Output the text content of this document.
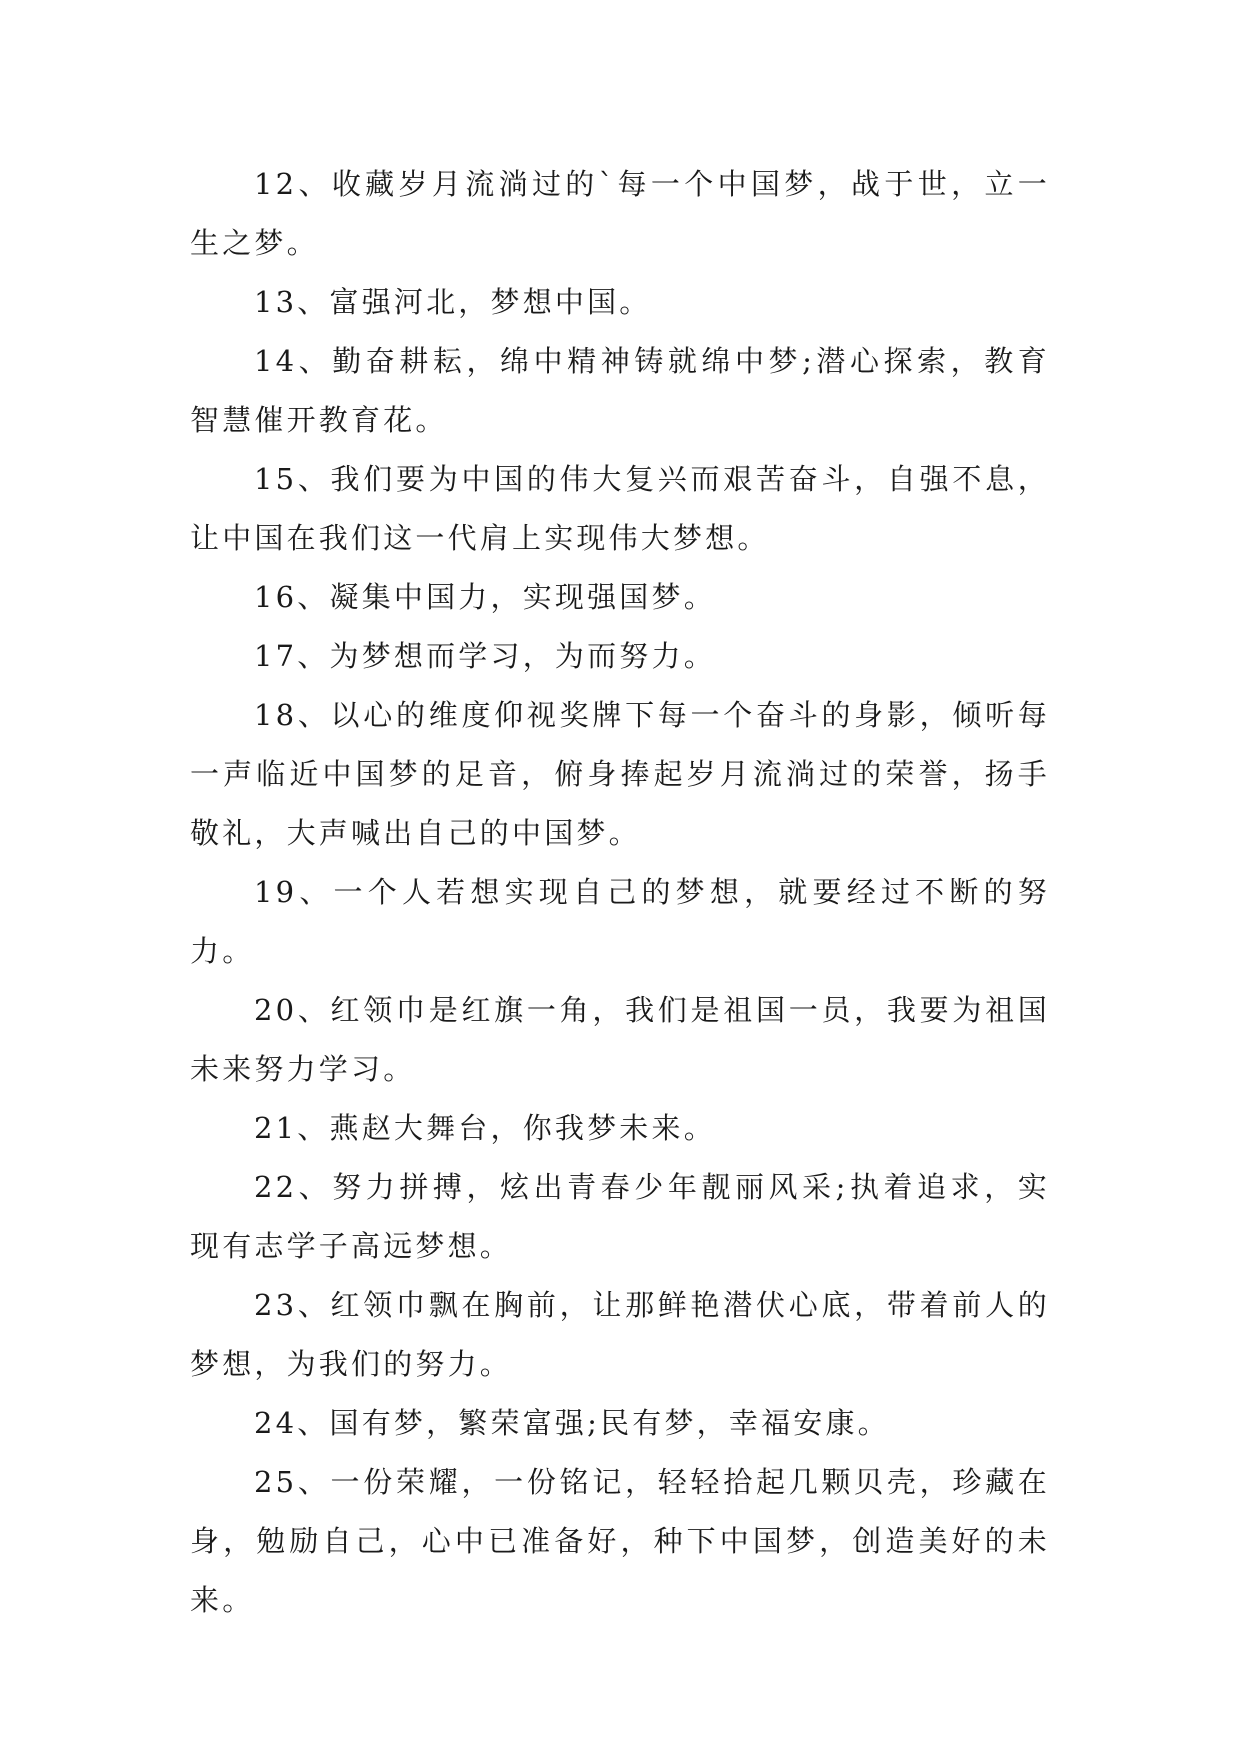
12、收藏岁月流淌过的`每一个中国梦，战于世，立一生之梦。

13、富强河北，梦想中国。

14、勤奋耕耘，绵中精神铸就绵中梦;潜心探索，教育智慧催开教育花。

15、我们要为中国的伟大复兴而艰苦奋斗，自强不息，让中国在我们这一代肩上实现伟大梦想。

16、凝集中国力，实现强国梦。

17、为梦想而学习，为而努力。

18、以心的维度仰视奖牌下每一个奋斗的身影，倾听每一声临近中国梦的足音，俯身捧起岁月流淌过的荣誉，扬手敬礼，大声喊出自己的中国梦。

19、一个人若想实现自己的梦想，就要经过不断的努力。

20、红领巾是红旗一角，我们是祖国一员，我要为祖国未来努力学习。

21、燕赵大舞台，你我梦未来。

22、努力拼搏，炫出青春少年靓丽风采;执着追求，实现有志学子高远梦想。

23、红领巾飘在胸前，让那鲜艳潜伏心底，带着前人的梦想，为我们的努力。

24、国有梦，繁荣富强;民有梦，幸福安康。

25、一份荣耀，一份铭记，轻轻拾起几颗贝壳，珍藏在身，勉励自己，心中已准备好，种下中国梦，创造美好的未来。
